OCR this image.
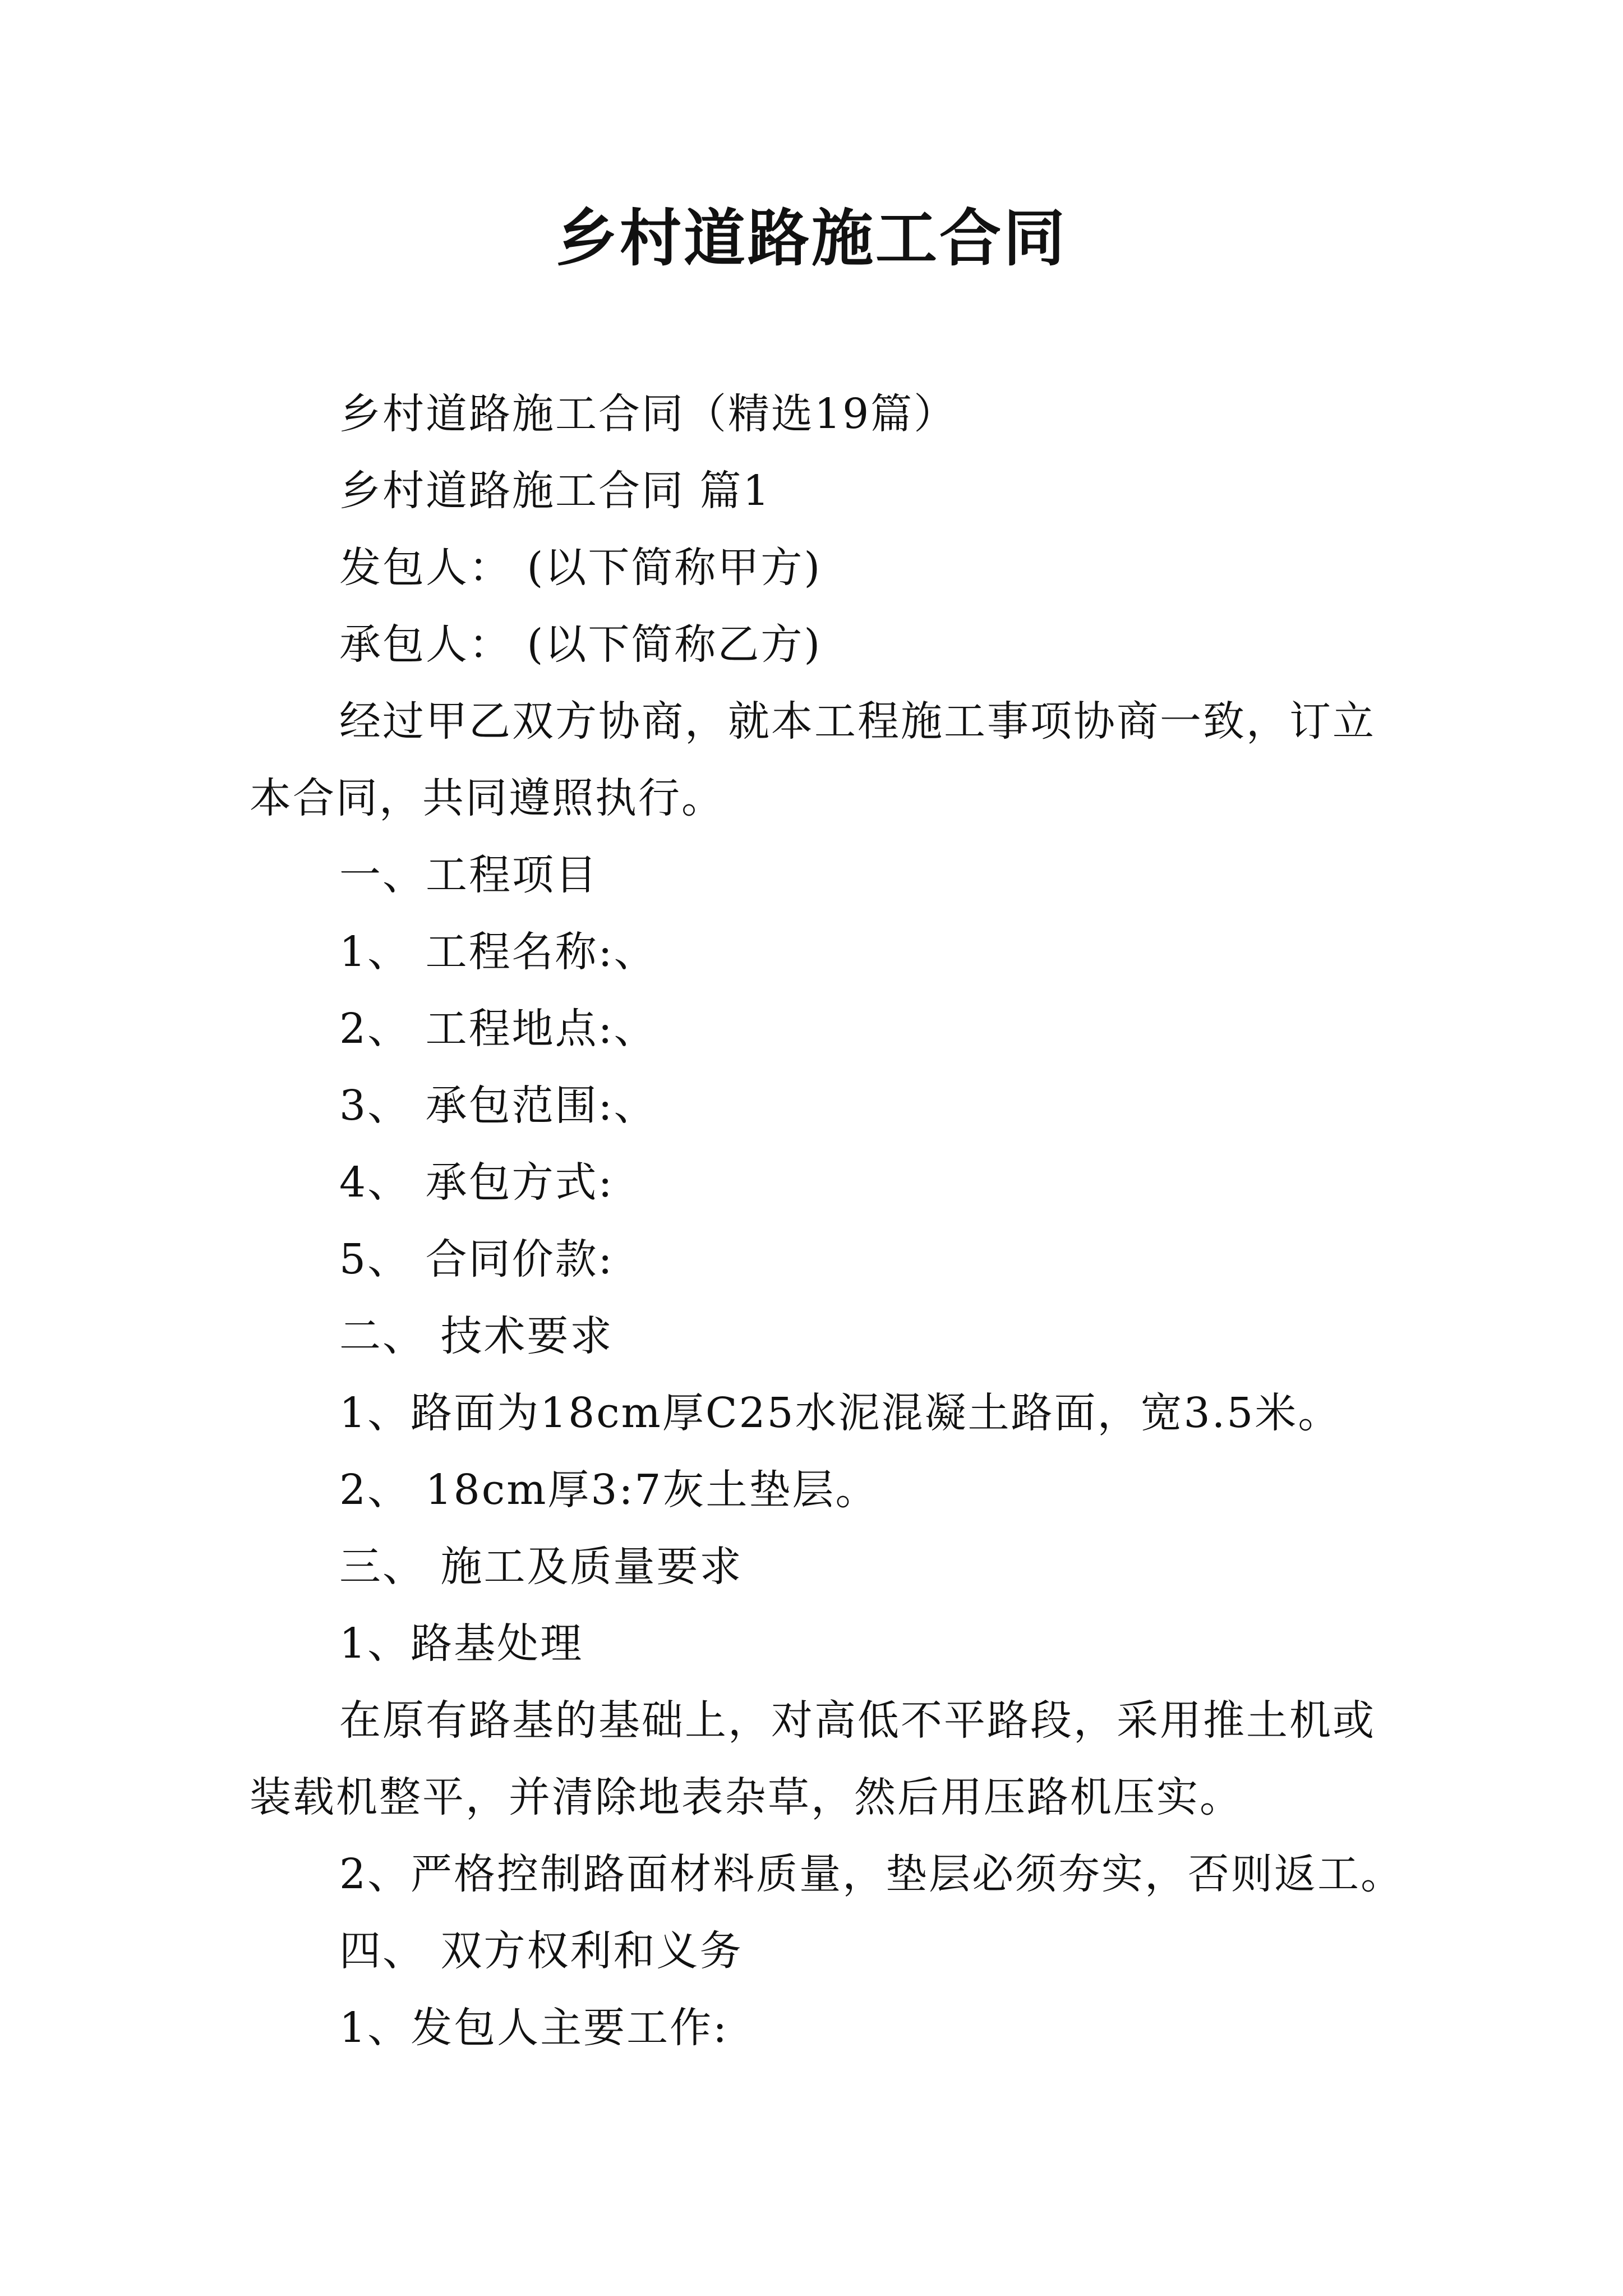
乡村道路施工合同
乡村道路施工合同（精选19篇）
乡村道路施工合同 篇1
发包人： (以下简称甲方)
承包人： (以下简称乙方)
经过甲乙双方协商，就本工程施工事项协商一致，订立
本合同，共同遵照执行。
一、工程项目
1、 工程名称:、
2、 工程地点:、
3、 承包范围:、
4、 承包方式:
5、 合同价款:
二、 技术要求
1、路面为18cm厚C25水泥混凝土路面，宽3.5米。
2、 18cm厚3:7灰土垫层。
三、 施工及质量要求
1、路基处理
在原有路基的基础上，对高低不平路段，采用推土机或
装载机整平，并清除地表杂草，然后用压路机压实。
2、严格控制路面材料质量，垫层必须夯实，否则返工。
四、 双方权利和义务
1、发包人主要工作:
